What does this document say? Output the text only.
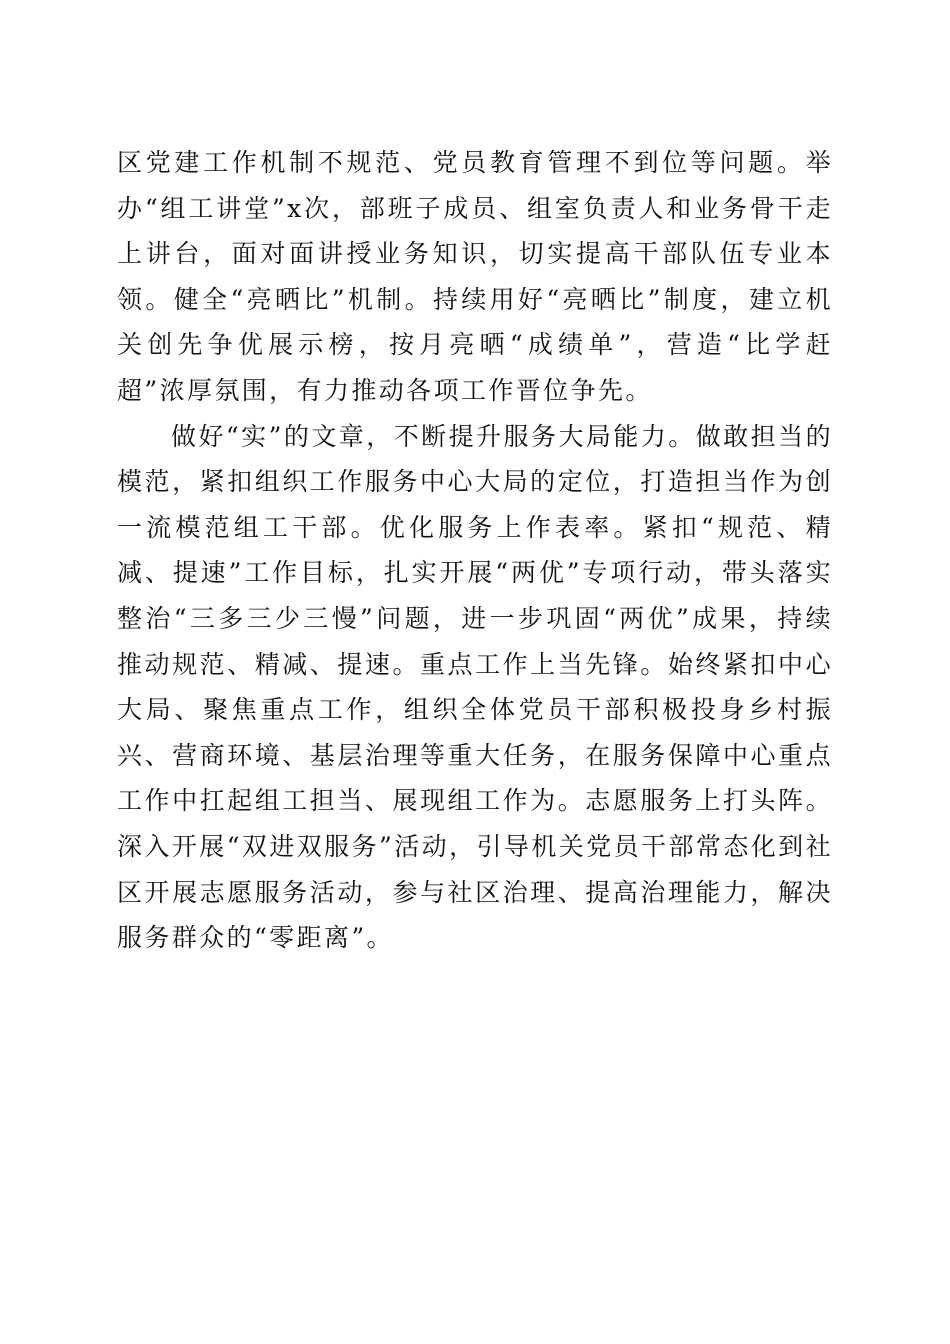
区党建工作机制不规范、党员教育管理不到位等问题。举办“组工讲堂”x次，部班子成员、组室负责人和业务骨干走上讲台，面对面讲授业务知识，切实提高干部队伍专业本领。健全“亮晒比”机制。持续用好“亮晒比”制度，建立机关创先争优展示榜，按月亮晒“成绩单”，营造“比学赶超”浓厚氛围，有力推动各项工作晋位争先。

做好“实”的文章，不断提升服务大局能力。做敢担当的模范，紧扣组织工作服务中心大局的定位，打造担当作为创一流模范组工干部。优化服务上作表率。紧扣“规范、精减、提速”工作目标，扎实开展“两优”专项行动，带头落实整治“三多三少三慢”问题，进一步巩固“两优”成果，持续推动规范、精减、提速。重点工作上当先锋。始终紧扣中心大局、聚焦重点工作，组织全体党员干部积极投身乡村振兴、营商环境、基层治理等重大任务，在服务保障中心重点工作中扛起组工担当、展现组工作为。志愿服务上打头阵。深入开展“双进双服务”活动，引导机关党员干部常态化到社区开展志愿服务活动，参与社区治理、提高治理能力，解决服务群众的“零距离”。
